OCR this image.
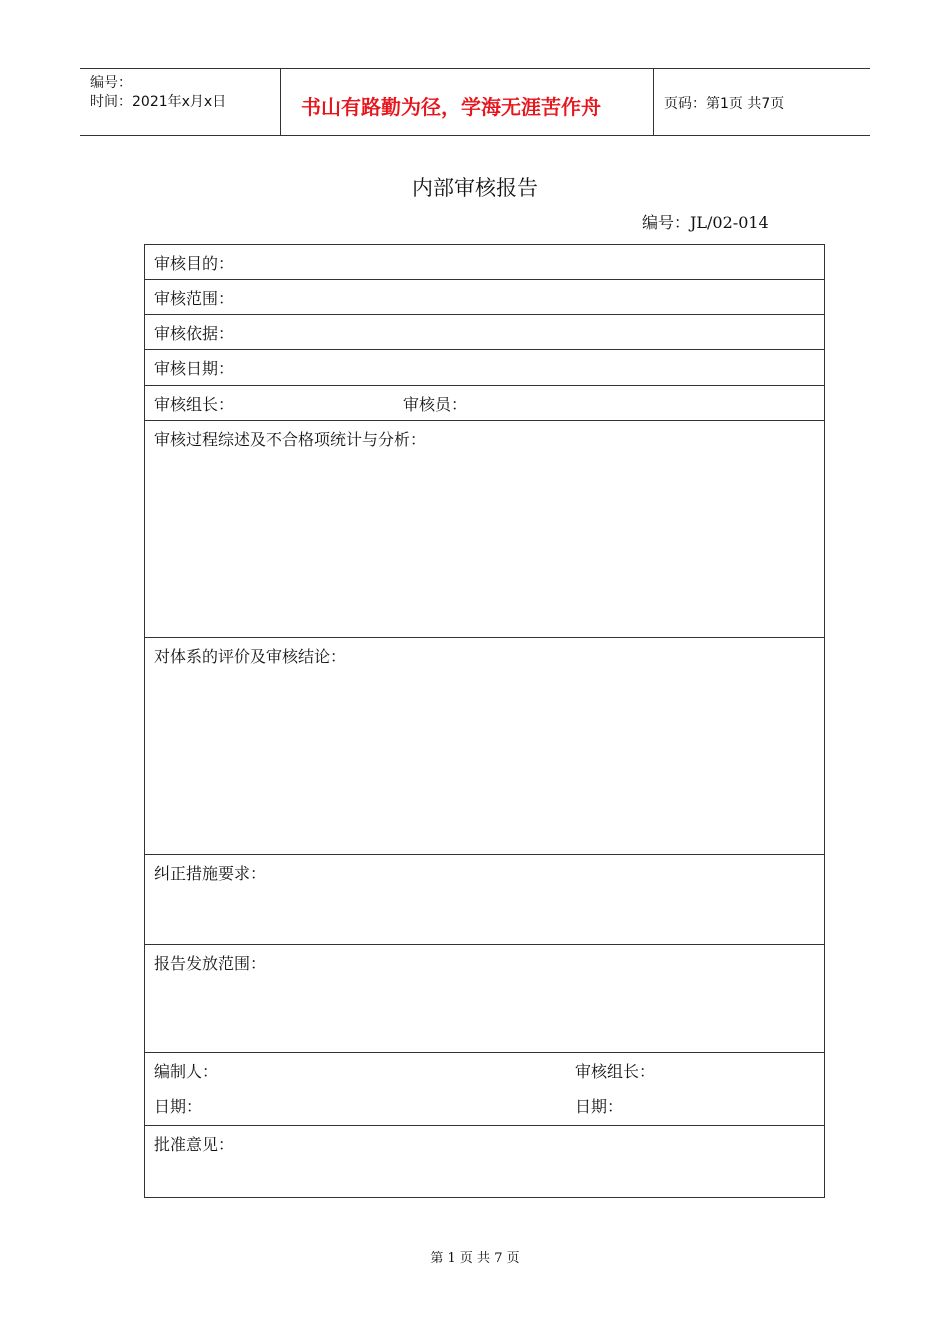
编号：
时间：2021年x月x日	书山有路勤为径，学海无涯苦作舟	页码：第1页 共7页
内部审核报告
编号：JL/02-014
审核目的：
审核范围：
审核依据：
审核日期：
审核组长：	审核员：
审核过程综述及不合格项统计与分析：
对体系的评价及审核结论：
纠正措施要求：
报告发放范围：
编制人：	审核组长：
日期：	日期：
批准意见：
第 1 页 共 7 页
